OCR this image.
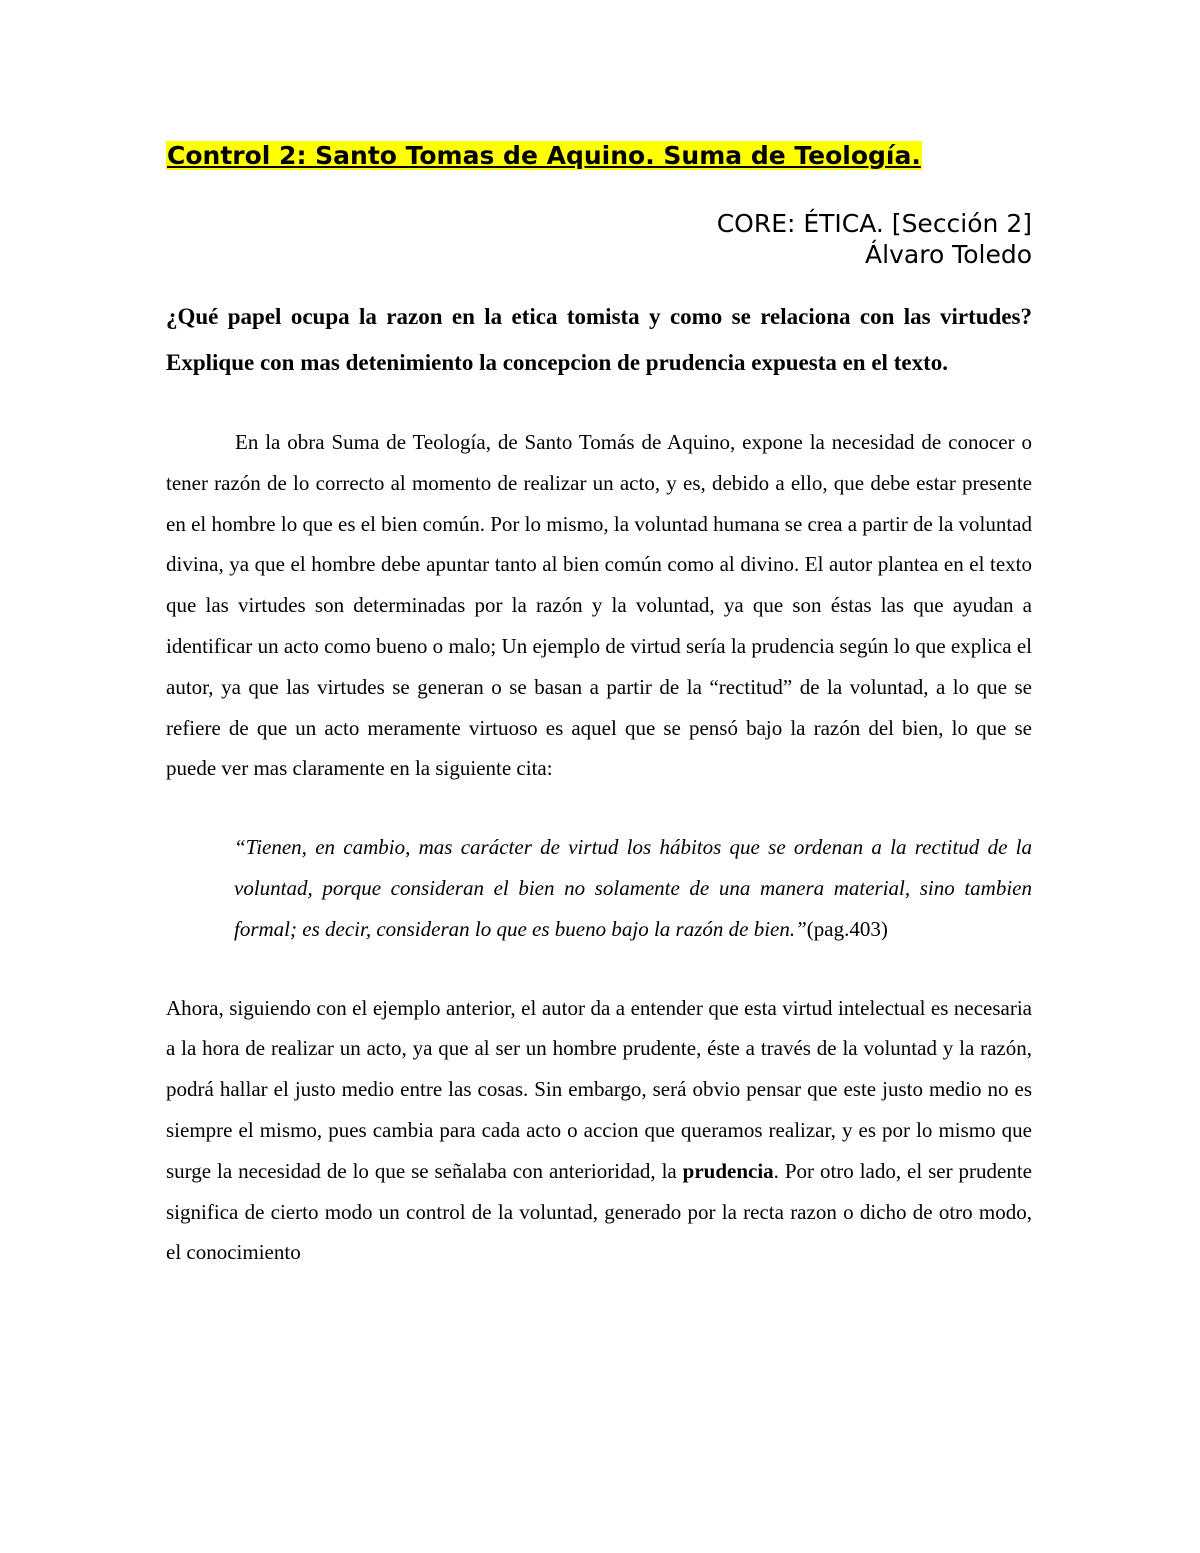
Control 2: Santo Tomas de Aquino. Suma de Teología.
CORE: ÉTICA. [Sección 2]
Álvaro Toledo

¿Qué papel ocupa la razon en la etica tomista y como se relaciona con las virtudes? Explique con mas detenimiento la concepcion de prudencia expuesta en el texto.

En la obra Suma de Teología, de Santo Tomás de Aquino, expone la necesidad de conocer o tener razón de lo correcto al momento de realizar un acto, y es, debido a ello, que debe estar presente en el hombre lo que es el bien común. Por lo mismo, la voluntad humana se crea a partir de la voluntad divina, ya que el hombre debe apuntar tanto al bien común como al divino. El autor plantea en el texto que las virtudes son determinadas por la razón y la voluntad, ya que son éstas las que ayudan a identificar un acto como bueno o malo; Un ejemplo de virtud sería la prudencia según lo que explica el autor, ya que las virtudes se generan o se basan a partir de la “rectitud” de la voluntad, a lo que se refiere de que un acto meramente virtuoso es aquel que se pensó bajo la razón del bien, lo que se puede ver mas claramente en la siguiente cita:

“Tienen, en cambio, mas carácter de virtud los hábitos que se ordenan a la rectitud de la voluntad, porque consideran el bien no solamente de una manera material, sino tambien formal; es decir, consideran lo que es bueno bajo la razón de bien.”(pag.403)

Ahora, siguiendo con el ejemplo anterior, el autor da a entender que esta virtud intelectual es necesaria a la hora de realizar un acto, ya que al ser un hombre prudente, éste a través de la voluntad y la razón, podrá hallar el justo medio entre las cosas. Sin embargo, será obvio pensar que este justo medio no es siempre el mismo, pues cambia para cada acto o accion que queramos realizar, y es por lo mismo que surge la necesidad de lo que se señalaba con anterioridad, la prudencia. Por otro lado, el ser prudente significa de cierto modo un control de la voluntad, generado por la recta razon o dicho de otro modo, el conocimiento
